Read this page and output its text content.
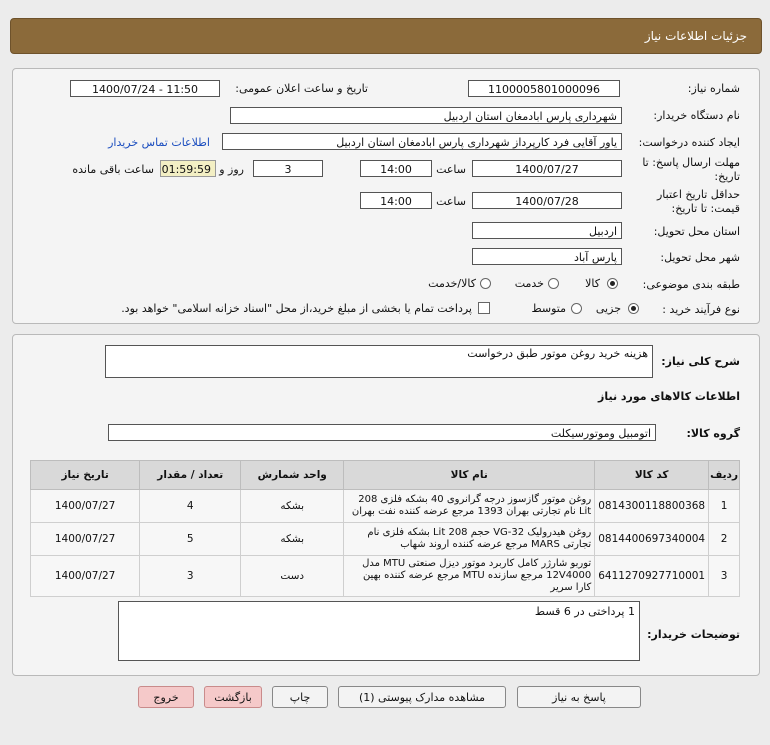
جزئیات اطلاعات نیاز
شماره نیاز:
1100005801000096
تاریخ و ساعت اعلان عمومی:
1400/07/24 - 11:50
نام دستگاه خریدار:
شهرداری پارس ابادمغان استان اردبیل
ایجاد کننده درخواست:
یاور آقایی فرد کارپرداز شهرداری پارس ابادمغان استان اردبیل
اطلاعات تماس خریدار
مهلت ارسال پاسخ: تا
تاریخ:
1400/07/27
ساعت
14:00
روز و	3
01:59:59
ساعت باقی مانده
حداقل تاریخ اعتبار
قیمت: تا تاریخ:
1400/07/28
ساعت
14:00
استان محل تحویل:
اردبیل
شهر محل تحویل:
پارس آباد
طبقه بندی موضوعی:
کالا
خدمت
کالا/خدمت
نوع فرآیند خرید :
جزیی
متوسط
پرداخت تمام یا بخشی از مبلغ خرید،از محل "اسناد خزانه اسلامی" خواهد بود.
شرح کلی نیاز:
هزینه خرید روغن موتور طبق درخواست
اطلاعات کالاهای مورد نیاز
گروه کالا:
اتومبیل وموتورسیکلت
ردیف	کد کالا	نام کالا	واحد شمارش	تعداد / مقدار	تاریخ نیاز
1	0814300118800368	روغن موتور گازسوز درجه گرانروی 40 بشکه فلزی 208 Lit نام تجارتی بهران 1393 مرجع عرضه کننده نفت بهران	بشکه	4	1400/07/27
2	0814400697340004	روغن هیدرولیک VG-32 حجم 208 Lit بشکه فلزی نام تجارتی MARS مرجع عرضه کننده اروند شهاب	بشکه	5	1400/07/27
3	6411270927710001	توربو شارژر کامل کاربرد موتور دیزل صنعتی MTU مدل 12V4000 مرجع سازنده MTU مرجع عرضه کننده بهین کارا سریر	دست	3	1400/07/27
توضیحات خریدار:
1 پرداختی در 6 قسط
پاسخ به نیاز
مشاهده مدارک پیوستی (1)
چاپ
بازگشت
خروج
